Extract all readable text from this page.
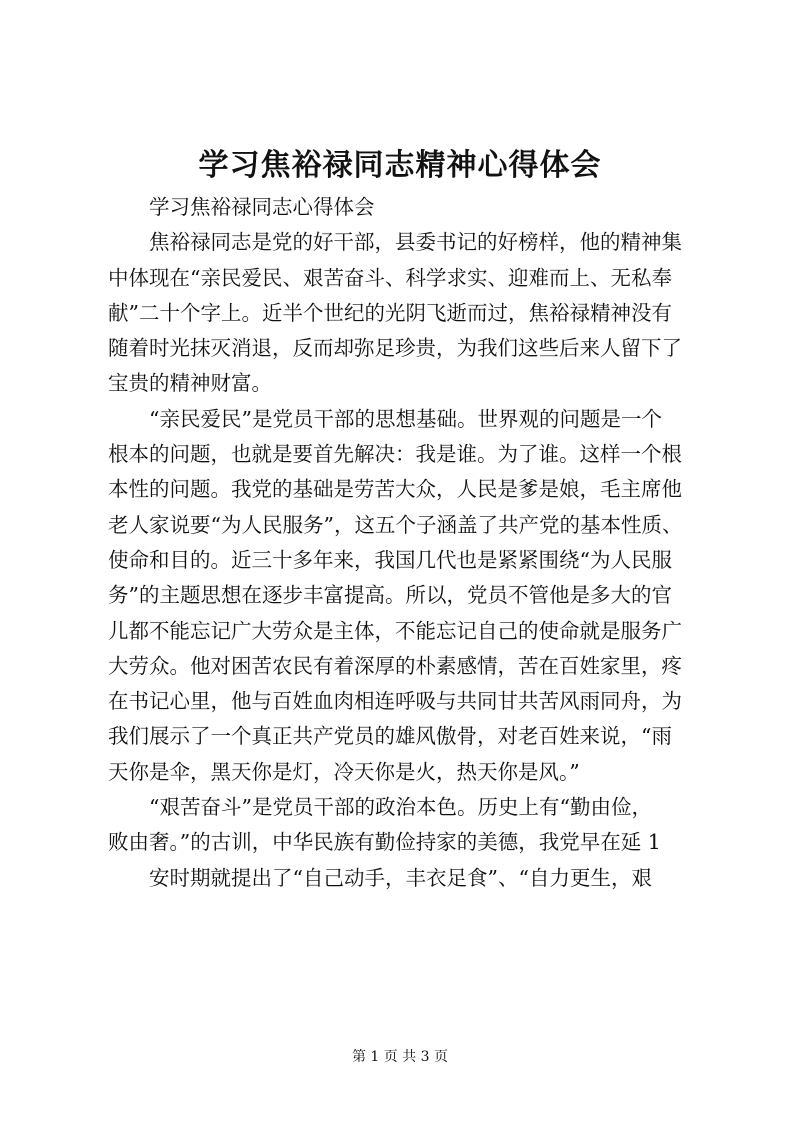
学习焦裕禄同志精神心得体会
学习焦裕禄同志心得体会
焦裕禄同志是党的好干部，县委书记的好榜样，他的精神集
中体现在“亲民爱民、艰苦奋斗、科学求实、迎难而上、无私奉
献”二十个字上。近半个世纪的光阴飞逝而过，焦裕禄精神没有
随着时光抹灭消退，反而却弥足珍贵，为我们这些后来人留下了
宝贵的精神财富。
“亲民爱民”是党员干部的思想基础。世界观的问题是一个
根本的问题，也就是要首先解决：我是谁。为了谁。这样一个根
本性的问题。我党的基础是劳苦大众，人民是爹是娘，毛主席他
老人家说要“为人民服务”，这五个子涵盖了共产党的基本性质、
使命和目的。近三十多年来，我国几代也是紧紧围绕“为人民服
务”的主题思想在逐步丰富提高。所以，党员不管他是多大的官
儿都不能忘记广大劳众是主体，不能忘记自己的使命就是服务广
大劳众。他对困苦农民有着深厚的朴素感情，苦在百姓家里，疼
在书记心里，他与百姓血肉相连呼吸与共同甘共苦风雨同舟，为
我们展示了一个真正共产党员的雄风傲骨，对老百姓来说，“雨
天你是伞，黑天你是灯，冷天你是火，热天你是风。”
“艰苦奋斗”是党员干部的政治本色。历史上有“勤由俭，
败由奢。”的古训，中华民族有勤俭持家的美德，我党早在延 1
安时期就提出了“自己动手，丰衣足食”、“自力更生，艰
第 1 页 共 3 页
